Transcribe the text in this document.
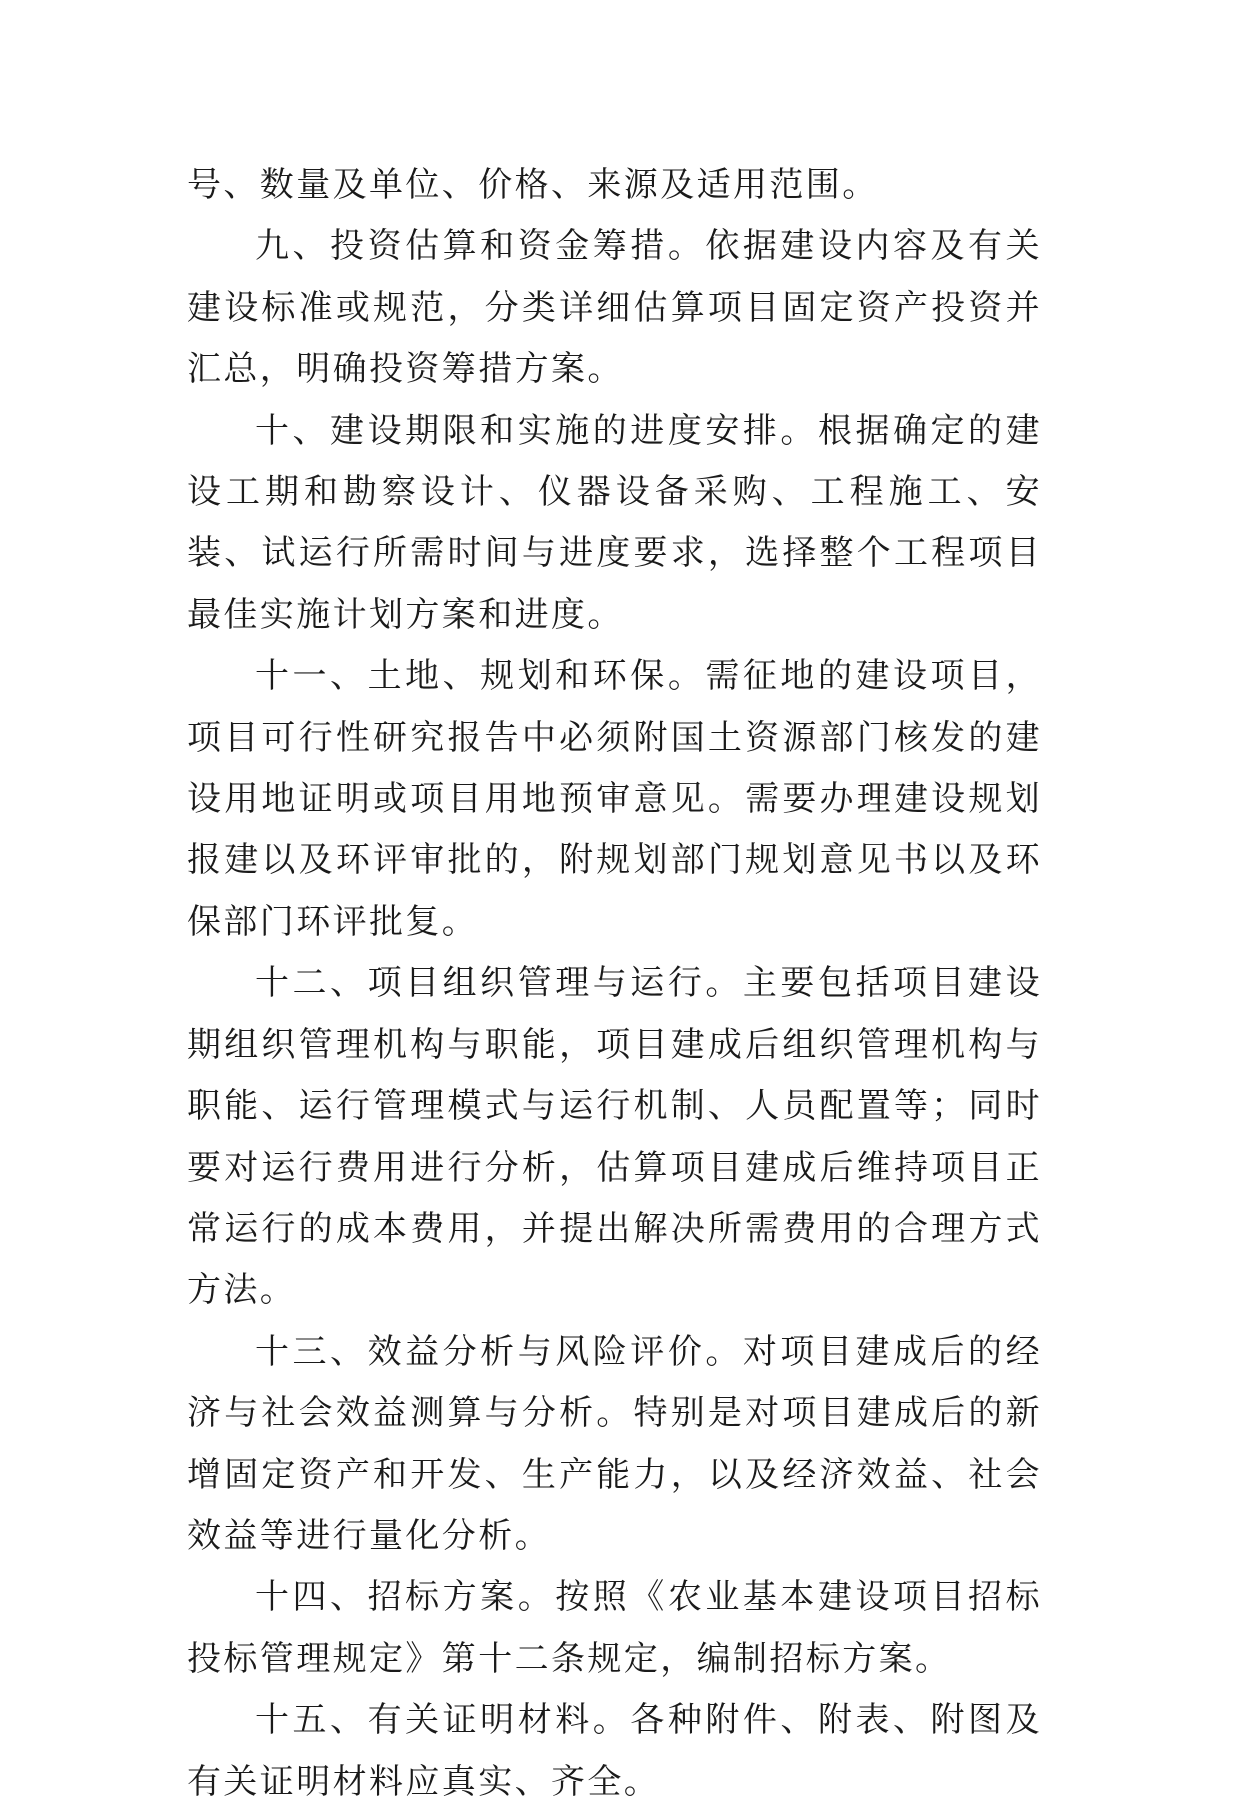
号、数量及单位、价格、来源及适用范围。

九、投资估算和资金筹措。依据建设内容及有关建设标准或规范，分类详细估算项目固定资产投资并汇总，明确投资筹措方案。

十、建设期限和实施的进度安排。根据确定的建设工期和勘察设计、仪器设备采购、工程施工、安装、试运行所需时间与进度要求，选择整个工程项目最佳实施计划方案和进度。

十一、土地、规划和环保。需征地的建设项目，项目可行性研究报告中必须附国土资源部门核发的建设用地证明或项目用地预审意见。需要办理建设规划报建以及环评审批的，附规划部门规划意见书以及环保部门环评批复。

十二、项目组织管理与运行。主要包括项目建设期组织管理机构与职能，项目建成后组织管理机构与职能、运行管理模式与运行机制、人员配置等；同时要对运行费用进行分析，估算项目建成后维持项目正常运行的成本费用，并提出解决所需费用的合理方式方法。

十三、效益分析与风险评价。对项目建成后的经济与社会效益测算与分析。特别是对项目建成后的新增固定资产和开发、生产能力，以及经济效益、社会效益等进行量化分析。

十四、招标方案。按照《农业基本建设项目招标投标管理规定》第十二条规定，编制招标方案。

十五、有关证明材料。各种附件、附表、附图及有关证明材料应真实、齐全。
